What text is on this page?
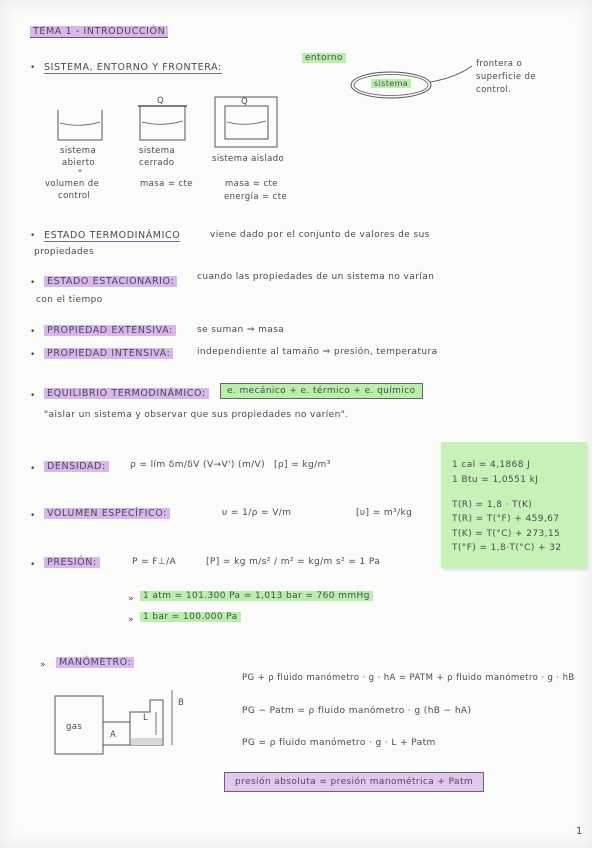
TEMA 1 - INTRODUCCIÓN
• SISTEMA, ENTORNO Y FRONTERA:
entorno
sistema
frontera o
superficie de
control.
Q	Q
sistema
abierto
"
volumen de
control
sistema
cerrado
masa = cte
sistema aislado
masa = cte
energía = cte
• ESTADO TERMODINÁMICO	viene dado por el conjunto de valores de sus
propiedades
•	ESTADO ESTACIONARIO:	cuando las propiedades de un sistema no varían
con el tiempo
•	PROPIEDAD EXTENSIVA:	se suman ⇒ masa
•	PROPIEDAD INTENSIVA:	independiente al tamaño ⇒ presión, temperatura
•	EQUILIBRIO TERMODINÁMICO:	e. mecánico + e. térmico + e. químico
"aislar un sistema y observar que sus propiedades no varíen".
•	DENSIDAD:	ρ = lím δm/δV (V→V') (m/V) [ρ] = kg/m³
•	VOLUMEN ESPECÍFICO:	υ = 1/ρ = V/m	[υ] = m³/kg
•	PRESIÓN:	P = F⊥/A	[P] = kg m/s² / m² = kg/m s² = 1 Pa
»	1 atm = 101.300 Pa = 1,013 bar = 760 mmHg
»	1 bar = 100.000 Pa
1 cal = 4,1868 J
1 Btu = 1,0551 kJ
T(R) = 1,8 · T(K)
T(R) = T(°F) + 459,67
T(K) = T(°C) + 273,15
T(°F) = 1,8·T(°C) + 32
»	MANÓMETRO:
gas
A
L
B
PG + ρ fluido manómetro · g · hA = PATM + ρ fluido manómetro · g · hB
PG − Patm = ρ fluido manómetro · g (hB − hA)
PG = ρ fluido manómetro · g · L + Patm
presión absoluta = presión manométrica + Patm
1
